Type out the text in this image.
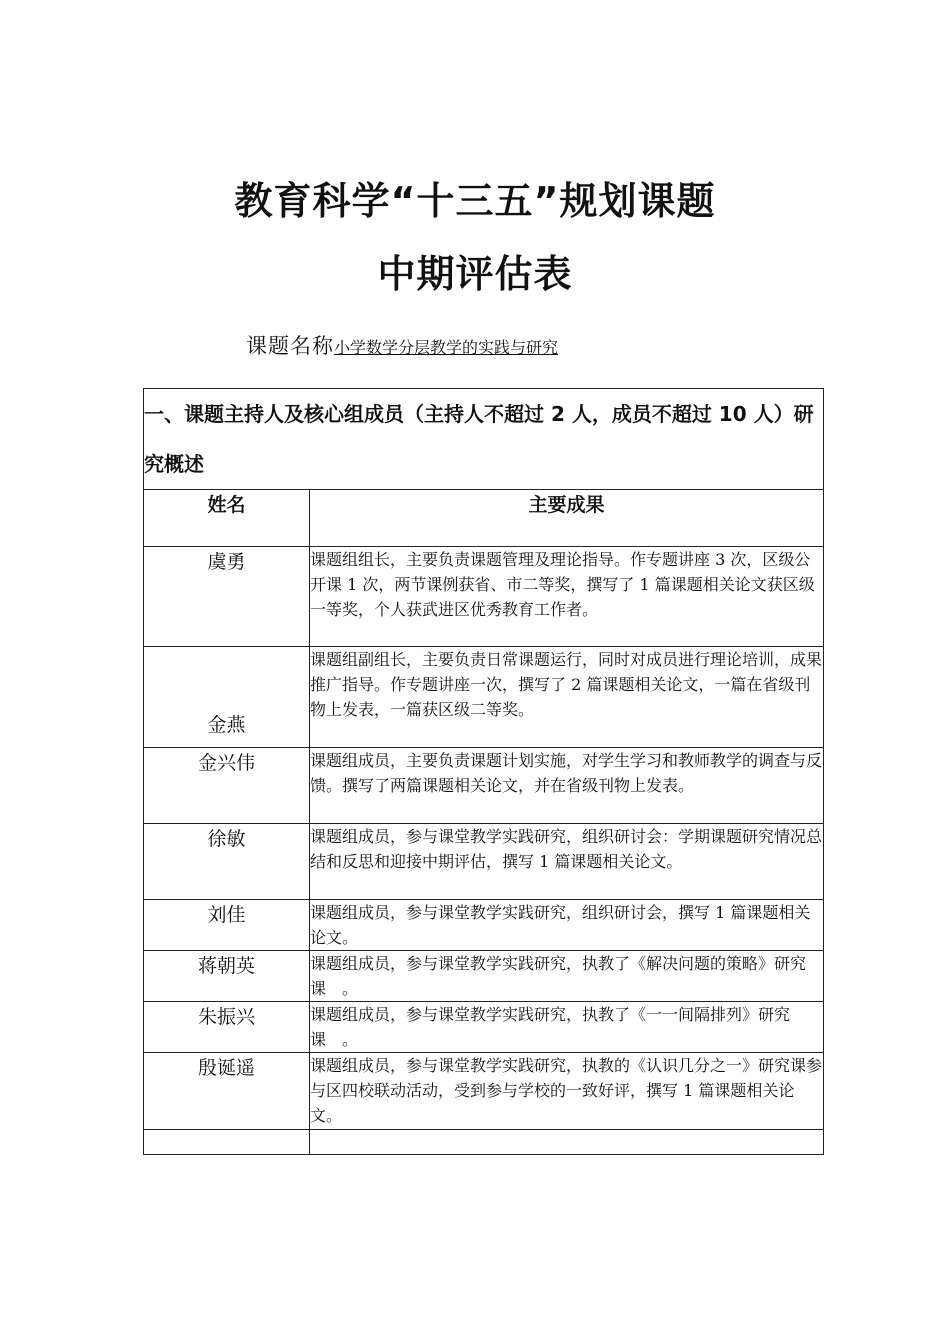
教育科学“十三五”规划课题
中期评估表
课题名称小学数学分层教学的实践与研究
一、课题主持人及核心组成员（主持人不超过 2 人，成员不超过 10 人）研究概述	
姓名	主要成果
虞勇	课题组组长，主要负责课题管理及理论指导。作专题讲座 3 次，区级公开课 1 次，两节课例获省、市二等奖，撰写了 1 篇课题相关论文获区级一等奖，个人获武进区优秀教育工作者。
金燕	课题组副组长，主要负责日常课题运行，同时对成员进行理论培训，成果推广指导。作专题讲座一次，撰写了 2 篇课题相关论文，一篇在省级刊物上发表，一篇获区级二等奖。
金兴伟	课题组成员，主要负责课题计划实施，对学生学习和教师教学的调查与反馈。撰写了两篇课题相关论文，并在省级刊物上发表。
徐敏	课题组成员，参与课堂教学实践研究，组织研讨会：学期课题研究情况总结和反思和迎接中期评估，撰写 1 篇课题相关论文。
刘佳	课题组成员，参与课堂教学实践研究，组织研讨会，撰写 1 篇课题相关论文。
蒋朝英	课题组成员，参与课堂教学实践研究，执教了《解决问题的策略》研究课　。
朱振兴	课题组成员，参与课堂教学实践研究，执教了《一一间隔排列》研究课　。
殷诞遥	课题组成员，参与课堂教学实践研究，执教的《认识几分之一》研究课参与区四校联动活动，受到参与学校的一致好评，撰写 1 篇课题相关论文。
